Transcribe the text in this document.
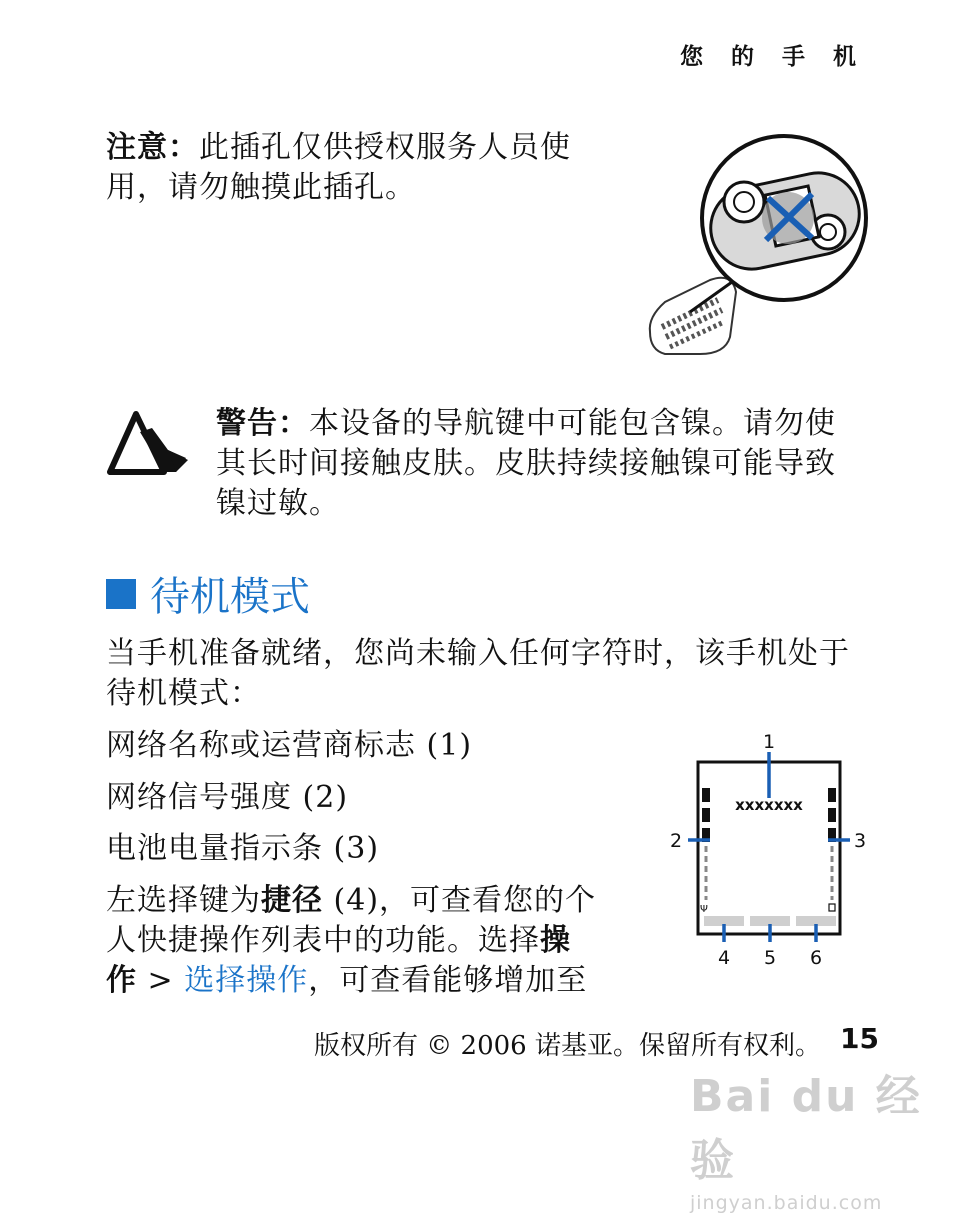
您 的 手 机
注意：此插孔仅供授权服务人员使
用，请勿触摸此插孔。
警告：本设备的导航键中可能包含镍。请勿使
其长时间接触皮肤。皮肤持续接触镍可能导致
镍过敏。
待机模式
当手机准备就绪，您尚未输入任何字符时，该手机处于
待机模式：
网络名称或运营商标志 (1)
网络信号强度 (2)
电池电量指示条 (3)
左选择键为捷径 (4)，可查看您的个
人快捷操作列表中的功能。选择操
作 > 选择操作，可查看能够增加至
Ψ
xxxxxxx
1
2	3
4 5 6
版权所有 © 2006 诺基亚。保留所有权利。 15
Bai du 经验
jingyan.baidu.com
